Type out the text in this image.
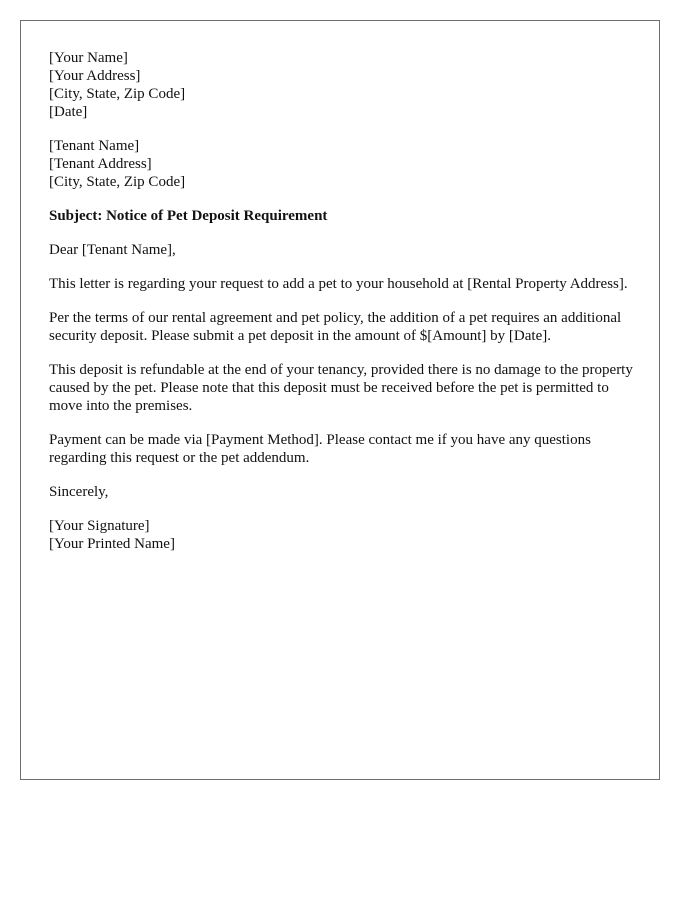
[Your Name]
[Your Address]
[City, State, Zip Code]
[Date]
[Tenant Name]
[Tenant Address]
[City, State, Zip Code]

Subject: Notice of Pet Deposit Requirement

Dear [Tenant Name],

This letter is regarding your request to add a pet to your household at [Rental Property Address].

Per the terms of our rental agreement and pet policy, the addition of a pet requires an additional security deposit. Please submit a pet deposit in the amount of $[Amount] by [Date].

This deposit is refundable at the end of your tenancy, provided there is no damage to the property caused by the pet. Please note that this deposit must be received before the pet is permitted to move into the premises.

Payment can be made via [Payment Method]. Please contact me if you have any questions regarding this request or the pet addendum.

Sincerely,

[Your Signature]
[Your Printed Name]
